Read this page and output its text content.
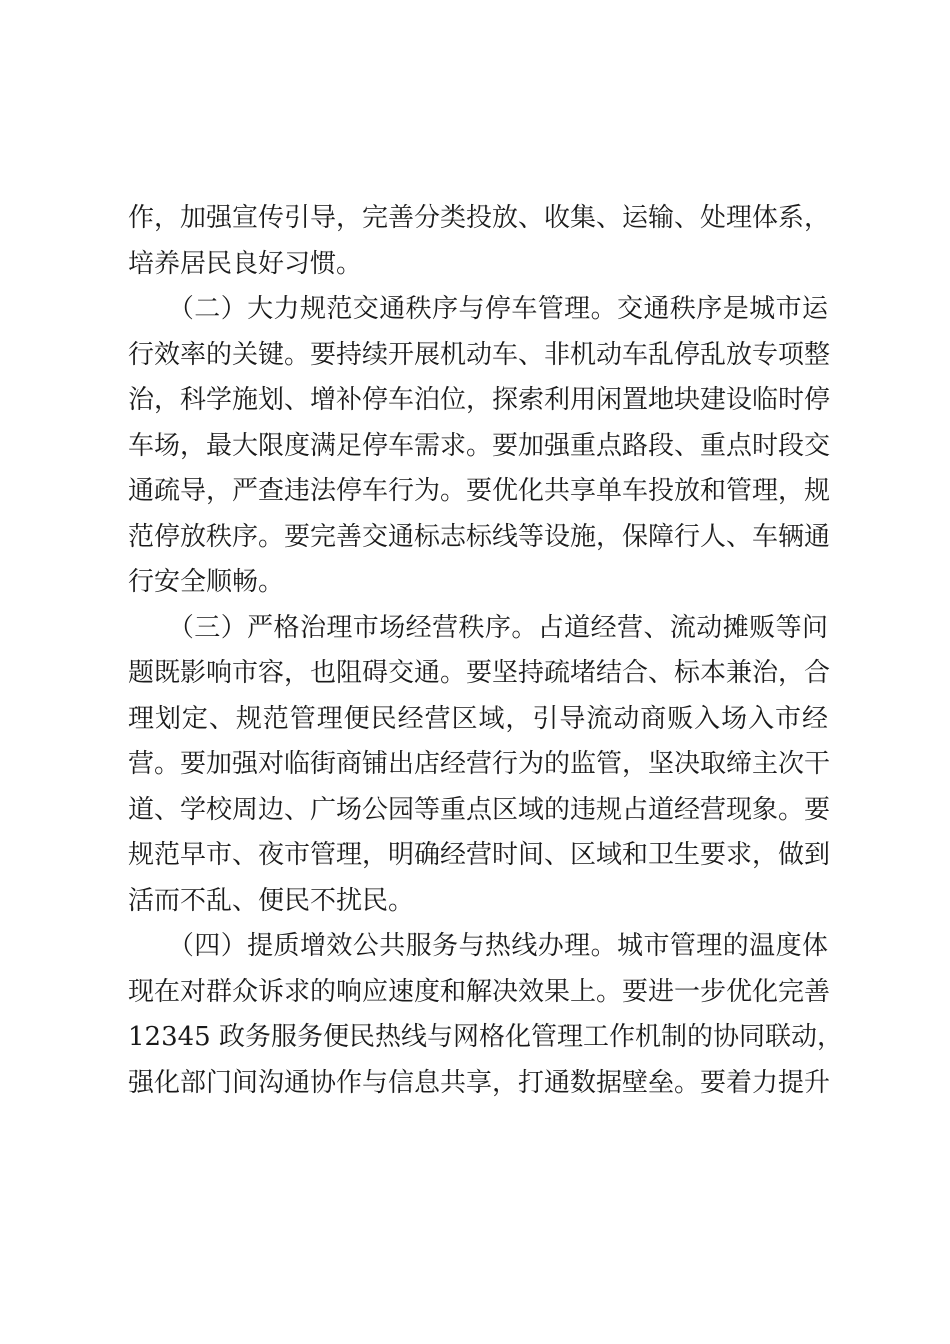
作，加强宣传引导，完善分类投放、收集、运输、处理体系，
培养居民良好习惯。
　　（二）大力规范交通秩序与停车管理。交通秩序是城市运
行效率的关键。要持续开展机动车、非机动车乱停乱放专项整
治，科学施划、增补停车泊位，探索利用闲置地块建设临时停
车场，最大限度满足停车需求。要加强重点路段、重点时段交
通疏导，严查违法停车行为。要优化共享单车投放和管理，规
范停放秩序。要完善交通标志标线等设施，保障行人、车辆通
行安全顺畅。
　　（三）严格治理市场经营秩序。占道经营、流动摊贩等问
题既影响市容，也阻碍交通。要坚持疏堵结合、标本兼治，合
理划定、规范管理便民经营区域，引导流动商贩入场入市经
营。要加强对临街商铺出店经营行为的监管，坚决取缔主次干
道、学校周边、广场公园等重点区域的违规占道经营现象。要
规范早市、夜市管理，明确经营时间、区域和卫生要求，做到
活而不乱、便民不扰民。
　　（四）提质增效公共服务与热线办理。城市管理的温度体
现在对群众诉求的响应速度和解决效果上。要进一步优化完善
12345 政务服务便民热线与网格化管理工作机制的协同联动，
强化部门间沟通协作与信息共享，打通数据壁垒。要着力提升
